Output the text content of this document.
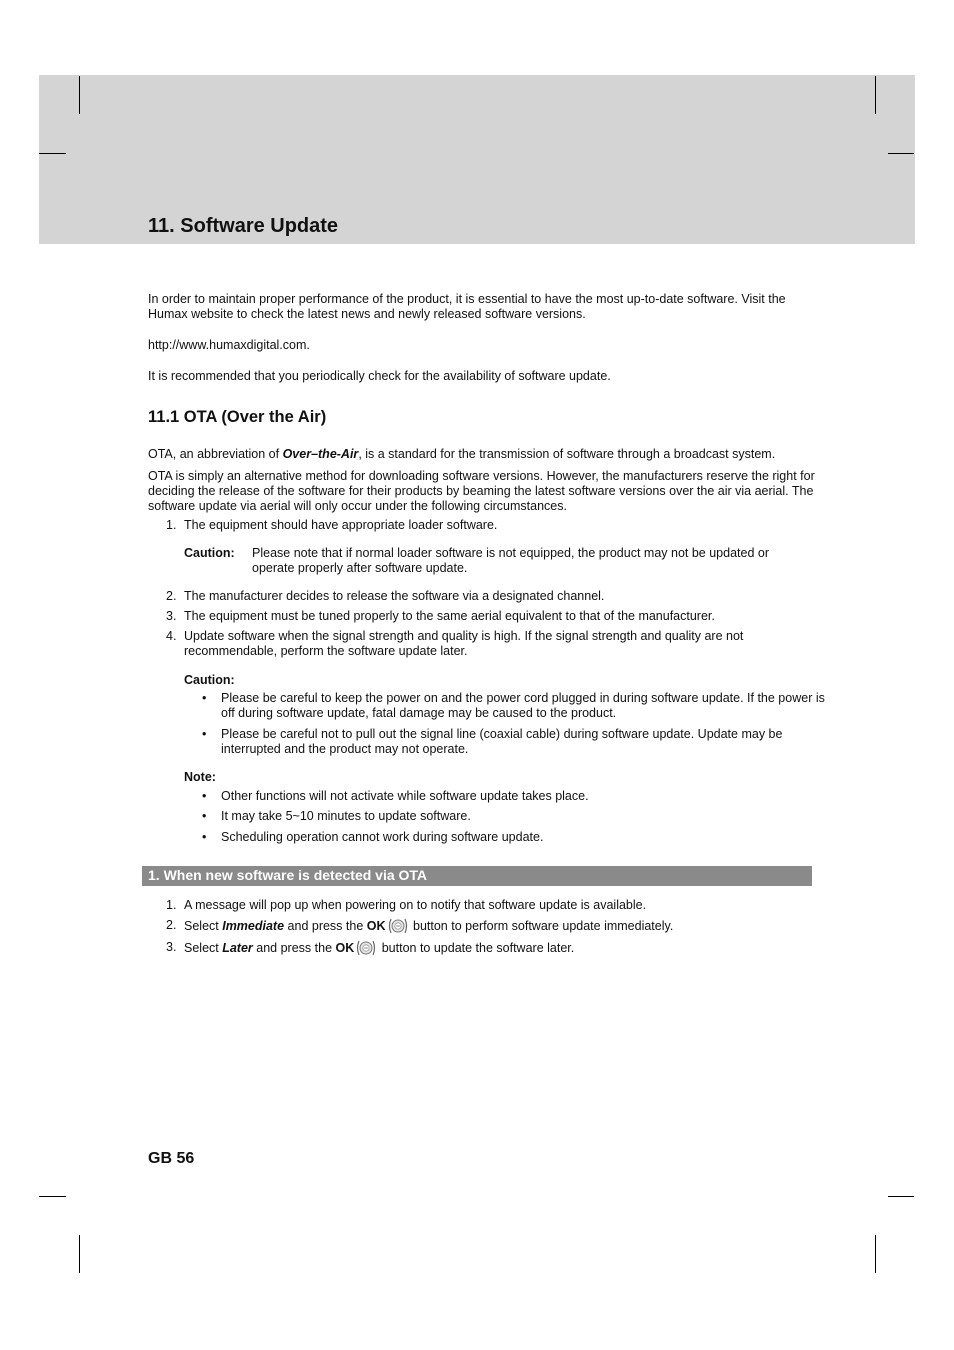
11. Software Update

In order to maintain proper performance of the product, it is essential to have the most up-to-date software. Visit the Humax website to check the latest news and newly released software versions.

http://www.humaxdigital.com.

It is recommended that you periodically check for the availability of software update.

11.1 OTA (Over the Air)

OTA, an abbreviation of Over–the-Air, is a standard for the transmission of software through a broadcast system.

OTA is simply an alternative method for downloading software versions. However, the manufacturers reserve the right for deciding the release of the software for their products by beaming the latest software versions over the air via aerial. The software update via aerial will only occur under the following circumstances.

1. The equipment should have appropriate loader software.
Caution: Please note that if normal loader software is not equipped, the product may not be updated or operate properly after software update.
2. The manufacturer decides to release the software via a designated channel.
3. The equipment must be tuned properly to the same aerial equivalent to that of the manufacturer.
4. Update software when the signal strength and quality is high. If the signal strength and quality are not recommendable, perform the software update later.
Caution:
• Please be careful to keep the power on and the power cord plugged in during software update. If the power is off during software update, fatal damage may be caused to the product.
• Please be careful not to pull out the signal line (coaxial cable) during software update. Update may be interrupted and the product may not operate.
Note:
• Other functions will not activate while software update takes place.
• It may take 5~10 minutes to update software.
• Scheduling operation cannot work during software update.
1. When new software is detected via OTA
1. A message will pop up when powering on to notify that software update is available.
2. Select Immediate and press the OK button to perform software update immediately.
3. Select Later and press the OK button to update the software later.
GB 56
